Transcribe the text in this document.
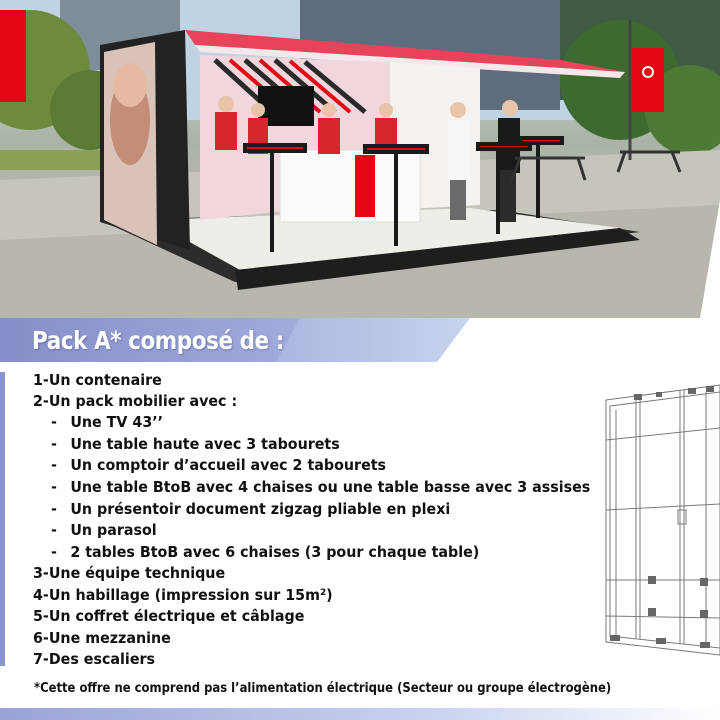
Pack A* composé de :
1-Un contenaire
2-Un pack mobilier avec :
- Une TV 43’’
- Une table haute avec 3 tabourets
- Un comptoir d’accueil avec 2 tabourets
- Une table BtoB avec 4 chaises ou une table basse avec 3 assises
- Un présentoir document zigzag pliable en plexi
- Un parasol
- 2 tables BtoB avec 6 chaises (3 pour chaque table)
3-Une équipe technique
4-Un habillage (impression sur 15m²)
5-Un coffret électrique et câblage
6-Une mezzanine
7-Des escaliers
*Cette offre ne comprend pas l’alimentation électrique (Secteur ou groupe électrogène)
